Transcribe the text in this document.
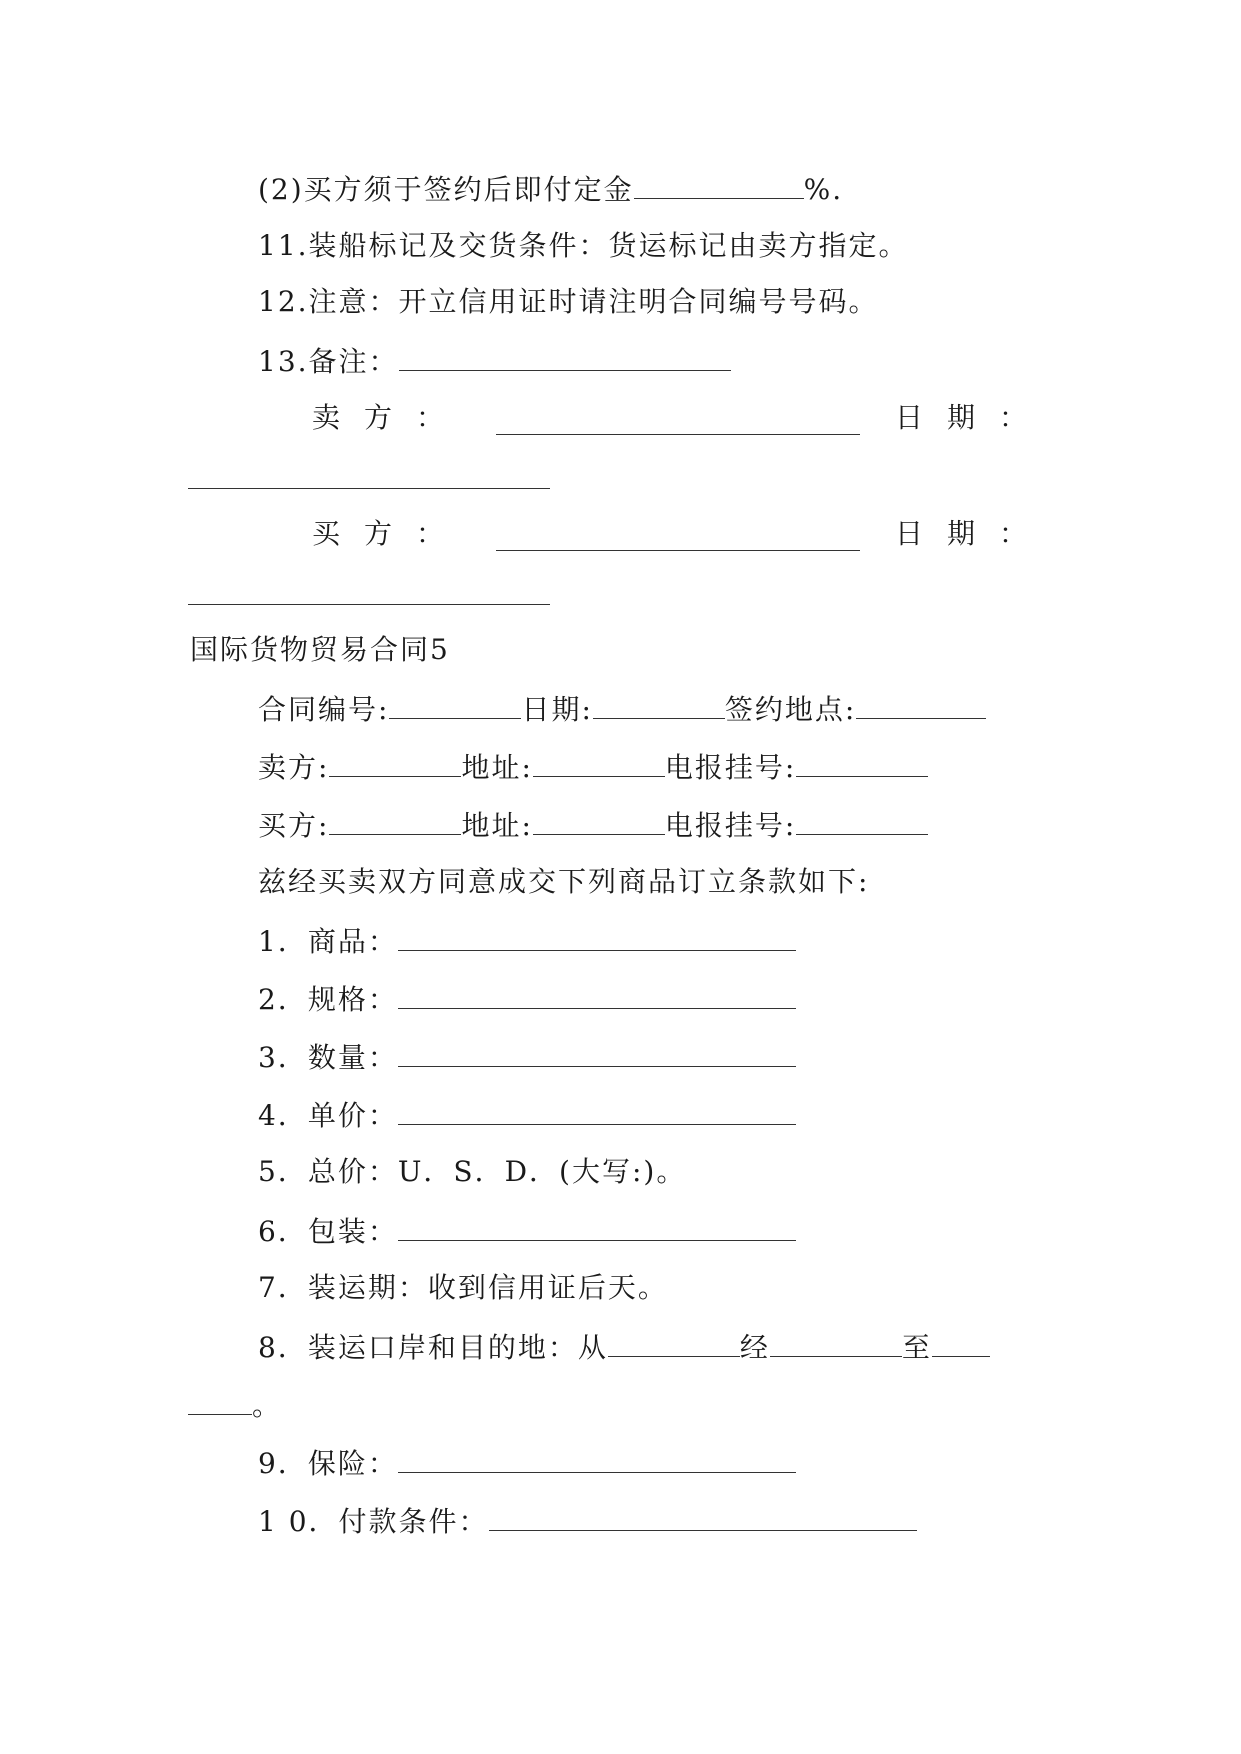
(2)买方须于签约后即付定金	%.
11.装船标记及交货条件：货运标记由卖方指定。
12.注意：开立信用证时请注明合同编号号码。
13.备注：
卖方：	日期：
买方：	日期：
国际货物贸易合同5
合同编号:	日期:	签约地点:
卖方:	地址:	电报挂号:
买方:	地址:	电报挂号:
兹经买卖双方同意成交下列商品订立条款如下:
1．商品：
2．规格：
3．数量：
4．单价：
5．总价：U．S．D．(大写:)。
6．包装：
7．装运期：收到信用证后天。
8．装运口岸和目的地：从	经	至
。
9．保险：
1 0．付款条件：
